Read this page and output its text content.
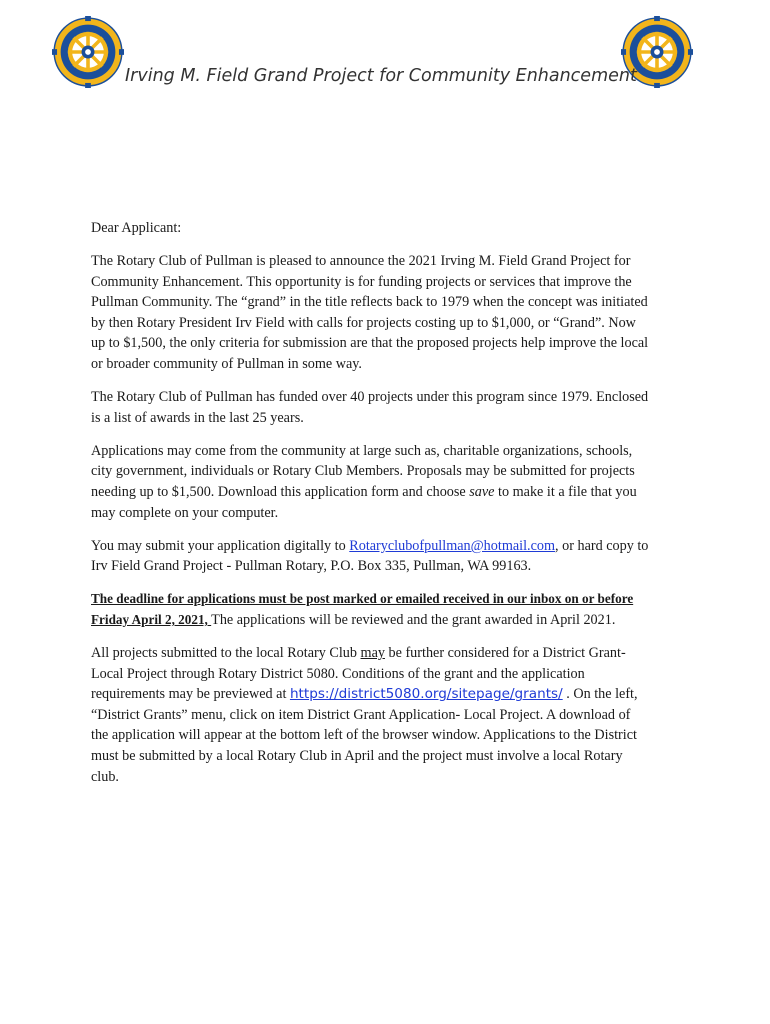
Irving M. Field Grand Project for Community Enhancement

Dear Applicant:

The Rotary Club of Pullman is pleased to announce the 2021 Irving M. Field Grand Project for Community Enhancement. This opportunity is for funding projects or services that improve the Pullman Community. The “grand” in the title reflects back to 1979 when the concept was initiated by then Rotary President Irv Field with calls for projects costing up to $1,000, or “Grand”. Now up to $1,500, the only criteria for submission are that the proposed projects help improve the local or broader community of Pullman in some way.

The Rotary Club of Pullman has funded over 40 projects under this program since 1979. Enclosed is a list of awards in the last 25 years.

Applications may come from the community at large such as, charitable organizations, schools, city government, individuals or Rotary Club Members. Proposals may be submitted for projects needing up to $1,500. Download this application form and choose save to make it a file that you may complete on your computer.

You may submit your application digitally to Rotaryclubofpullman@hotmail.com, or hard copy to Irv Field Grand Project - Pullman Rotary, P.O. Box 335, Pullman, WA 99163.

The deadline for applications must be post marked or emailed received in our inbox on or before Friday April 2, 2021, The applications will be reviewed and the grant awarded in April 2021.

All projects submitted to the local Rotary Club may be further considered for a District Grant- Local Project through Rotary District 5080. Conditions of the grant and the application requirements may be previewed at https://district5080.org/sitepage/grants/ . On the left, “District Grants” menu, click on item District Grant Application- Local Project. A download of the application will appear at the bottom left of the browser window. Applications to the District must be submitted by a local Rotary Club in April and the project must involve a local Rotary club.
